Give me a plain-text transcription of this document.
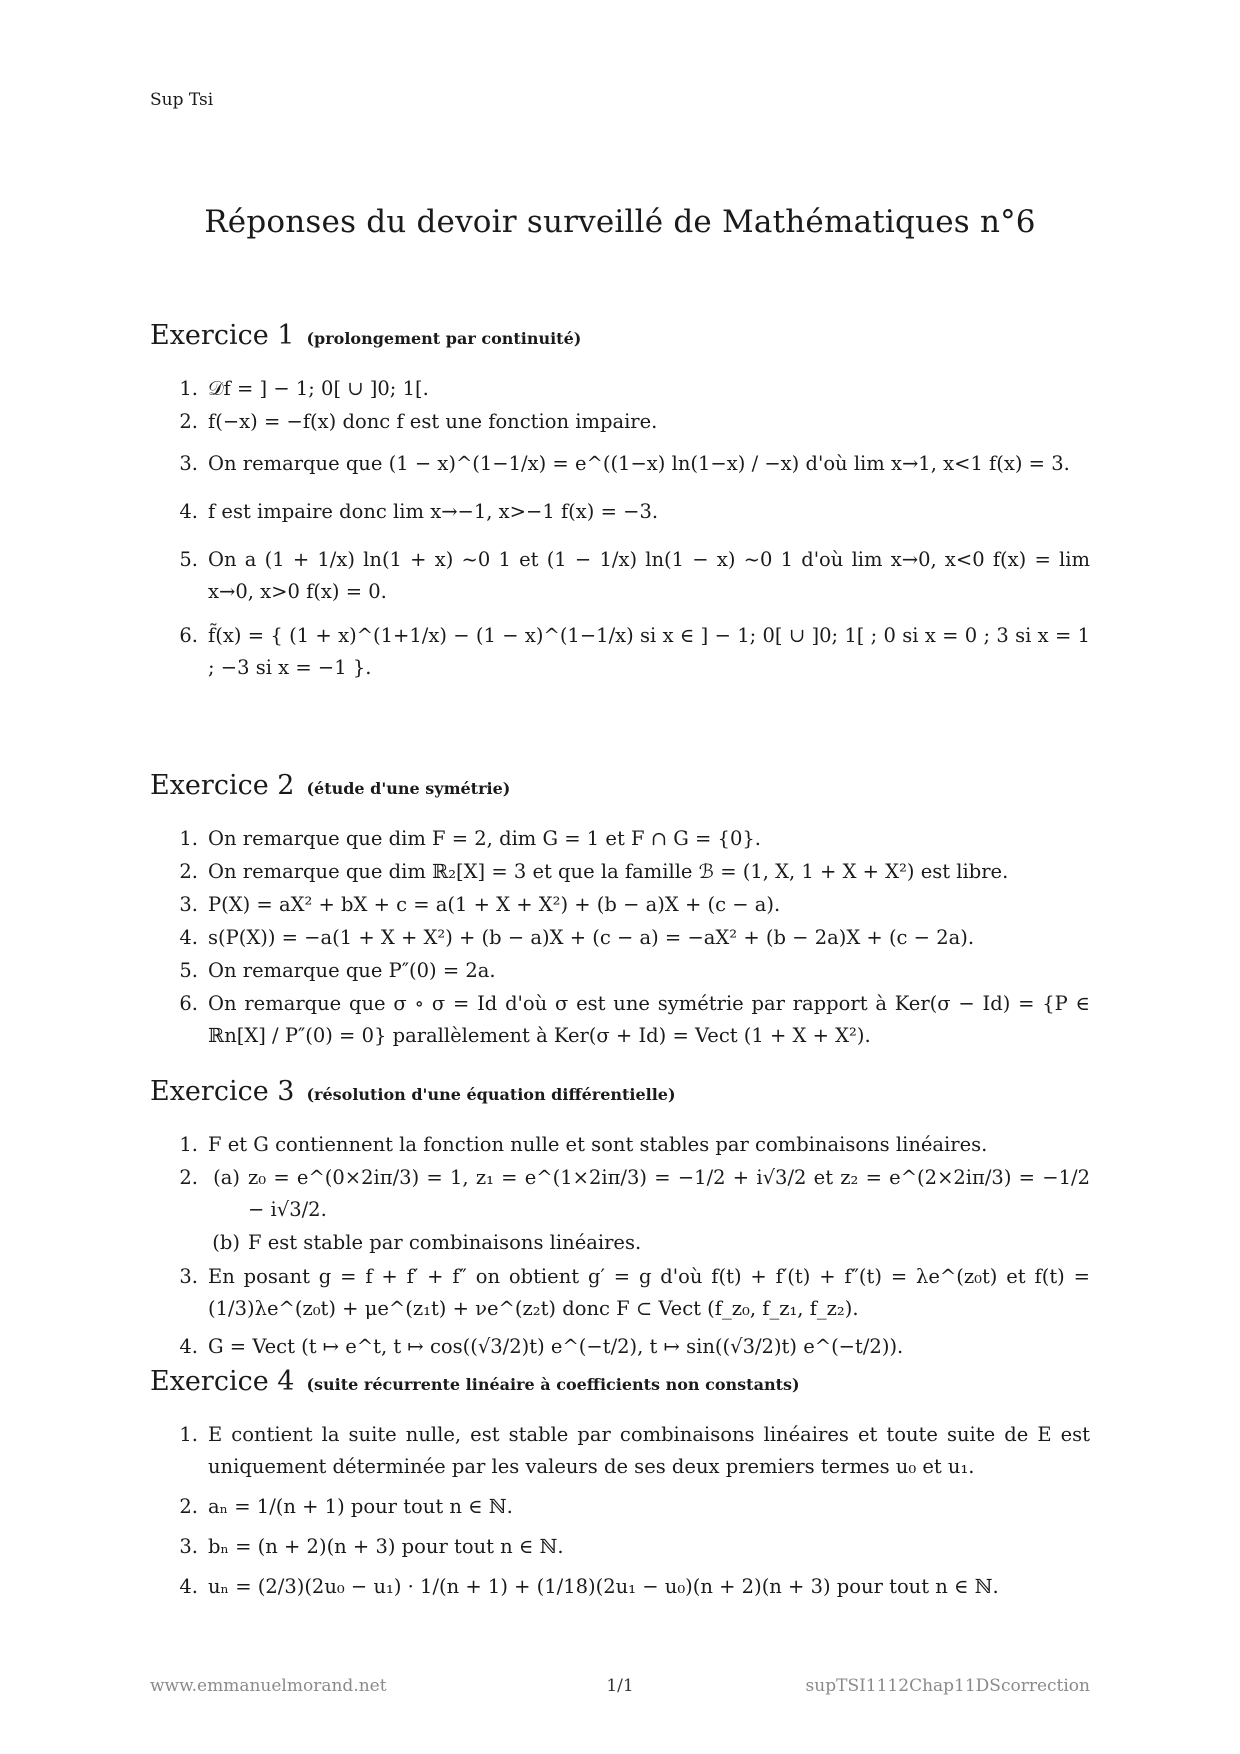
Sup Tsi
Réponses du devoir surveillé de Mathématiques n°6
Exercice 1 (prolongement par continuité)
1. 𝒟f = ] − 1; 0[ ∪ ]0; 1[.
2. f(−x) = −f(x) donc f est une fonction impaire.
3. On remarque que (1 − x)^(1−1/x) = e^((1−x) ln(1−x) / −x) d'où lim x→1, x<1 f(x) = 3.
4. f est impaire donc lim x→−1, x>−1 f(x) = −3.
5. On a (1 + 1/x) ln(1 + x) ~0 1 et (1 − 1/x) ln(1 − x) ~0 1 d'où lim x→0, x<0 f(x) = lim x→0, x>0 f(x) = 0.
6. f̃(x) = { (1 + x)^(1+1/x) − (1 − x)^(1−1/x) si x ∈ ] − 1; 0[ ∪ ]0; 1[ ; 0 si x = 0 ; 3 si x = 1 ; −3 si x = −1 }.
Exercice 2 (étude d'une symétrie)
1. On remarque que dim F = 2, dim G = 1 et F ∩ G = {0}.
2. On remarque que dim ℝ₂[X] = 3 et que la famille ℬ = (1, X, 1 + X + X²) est libre.
3. P(X) = aX² + bX + c = a(1 + X + X²) + (b − a)X + (c − a).
4. s(P(X)) = −a(1 + X + X²) + (b − a)X + (c − a) = −aX² + (b − 2a)X + (c − 2a).
5. On remarque que P″(0) = 2a.
6. On remarque que σ ∘ σ = Id d'où σ est une symétrie par rapport à Ker(σ − Id) = {P ∈ ℝn[X] / P″(0) = 0} parallèlement à Ker(σ + Id) = Vect (1 + X + X²).
Exercice 3 (résolution d'une équation différentielle)
1. F et G contiennent la fonction nulle et sont stables par combinaisons linéaires.
2. (a) z₀ = e^(0×2iπ/3) = 1, z₁ = e^(1×2iπ/3) = −1/2 + i√3/2 et z₂ = e^(2×2iπ/3) = −1/2 − i√3/2.
(b) F est stable par combinaisons linéaires.
3. En posant g = f + f′ + f″ on obtient g′ = g d'où f(t) + f′(t) + f″(t) = λe^(z₀t) et f(t) = (1/3)λe^(z₀t) + μe^(z₁t) + νe^(z₂t) donc F ⊂ Vect (f_z₀, f_z₁, f_z₂).
4. G = Vect (t ↦ e^t, t ↦ cos((√3/2)t) e^(−t/2), t ↦ sin((√3/2)t) e^(−t/2)).
Exercice 4 (suite récurrente linéaire à coefficients non constants)
1. E contient la suite nulle, est stable par combinaisons linéaires et toute suite de E est uniquement déterminée par les valeurs de ses deux premiers termes u₀ et u₁.
2. aₙ = 1/(n + 1) pour tout n ∈ ℕ.
3. bₙ = (n + 2)(n + 3) pour tout n ∈ ℕ.
4. uₙ = (2/3)(2u₀ − u₁) · 1/(n + 1) + (1/18)(2u₁ − u₀)(n + 2)(n + 3) pour tout n ∈ ℕ.
www.emmanuelmorand.net	1/1	supTSI1112Chap11DScorrection
